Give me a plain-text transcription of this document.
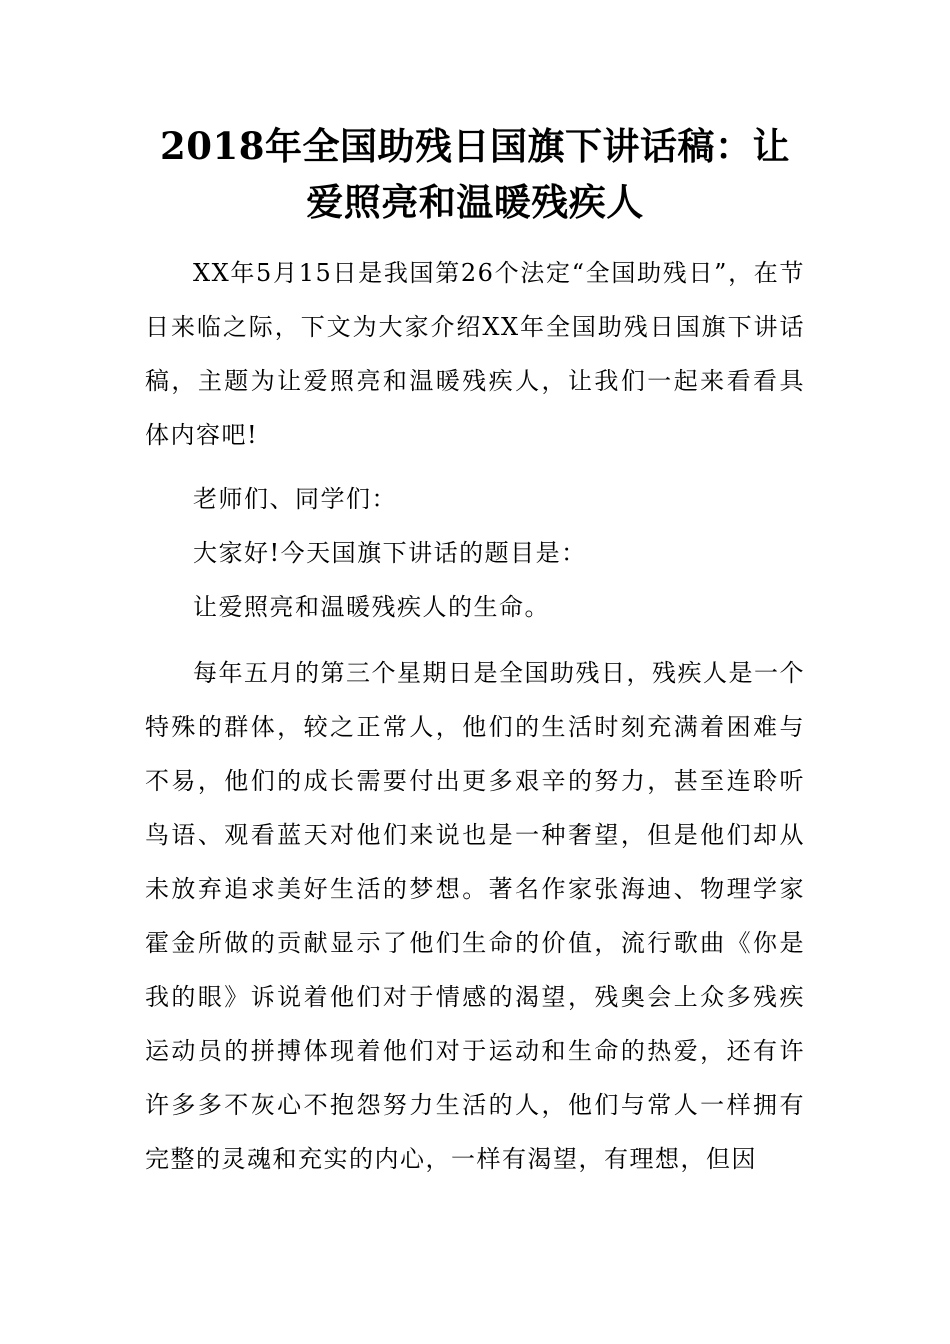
2018年全国助残日国旗下讲话稿：让爱照亮和温暖残疾人

XX年5月15日是我国第26个法定“全国助残日”，在节日来临之际，下文为大家介绍XX年全国助残日国旗下讲话稿，主题为让爱照亮和温暖残疾人，让我们一起来看看具体内容吧!

老师们、同学们：

大家好!今天国旗下讲话的题目是：

让爱照亮和温暖残疾人的生命。

每年五月的第三个星期日是全国助残日，残疾人是一个特殊的群体，较之正常人，他们的生活时刻充满着困难与不易，他们的成长需要付出更多艰辛的努力，甚至连聆听鸟语、观看蓝天对他们来说也是一种奢望，但是他们却从未放弃追求美好生活的梦想。著名作家张海迪、物理学家霍金所做的贡献显示了他们生命的价值，流行歌曲《你是我的眼》诉说着他们对于情感的渴望，残奥会上众多残疾运动员的拼搏体现着他们对于运动和生命的热爱，还有许许多多不灰心不抱怨努力生活的人，他们与常人一样拥有完整的灵魂和充实的内心，一样有渴望，有理想，但因
